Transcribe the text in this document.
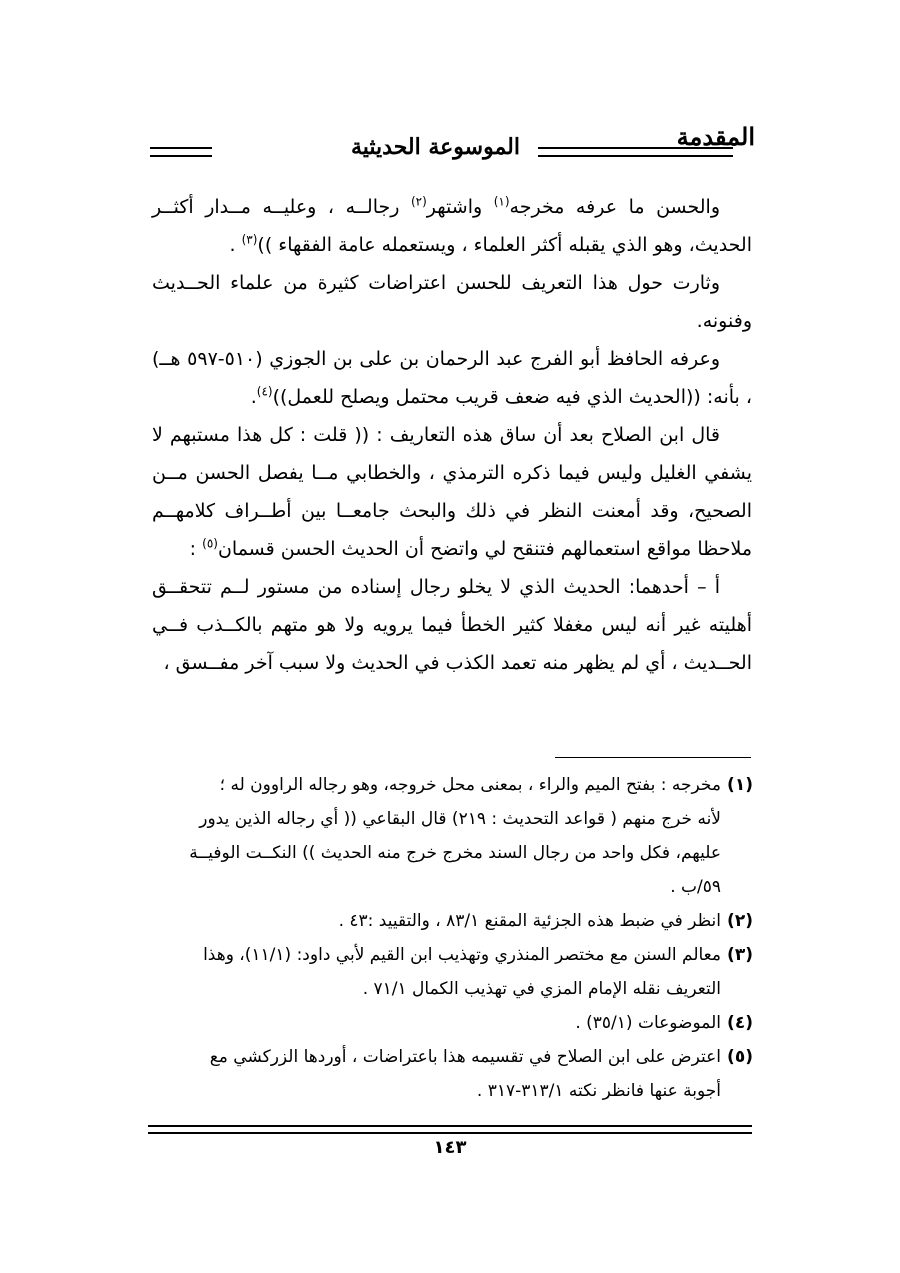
المقدمة
الموسوعة الحديثية

والحسن ما عرفه مخرجه$^{(١)}$ واشتهر$^{(٢)}$ رجالــه ، وعليــه مــدار أكثــر الحديث، وهو الذي يقبله أكثر العلماء ، ويستعمله عامة الفقهاء ))$^{(٣)}$ .

وثارت حول هذا التعريف للحسن اعتراضات كثيرة من علماء الحــديث وفنونه.

وعرفه الحافظ أبو الفرج عبد الرحمان بن على بن الجوزي (٥١٠-٥٩٧ هــ) ، بأنه: ((الحديث الذي فيه ضعف قريب محتمل ويصلح للعمل))$^{(٤)}$.

قال ابن الصلاح بعد أن ساق هذه التعاريف : (( قلت : كل هذا مستبهم لا يشفي الغليل وليس فيما ذكره الترمذي ، والخطابي مــا يفصل الحسن مــن الصحيح، وقد أمعنت النظر في ذلك والبحث جامعــا بين أطــراف كلامهــم ملاحظا مواقع استعمالهم فتنقح لي واتضح أن الحديث الحسن قسمان$^{(٥)}$ :

أ – أحدهما: الحديث الذي لا يخلو رجال إسناده من مستور لــم تتحقــق أهليته غير أنه ليس مغفلا كثير الخطأ فيما يرويه ولا هو متهم بالكــذب فــي الحــديث ، أي لم يظهر منه تعمد الكذب في الحديث ولا سبب آخر مفــسق ،

(١)
مخرجه : بفتح الميم والراء ، بمعنى محل خروجه، وهو رجاله الراوون له ؛
لأنه خرج منهم ( قواعد التحديث : ٢١٩) قال البقاعي (( أي رجاله الذين يدور
عليهم، فكل واحد من رجال السند مخرج خرج منه الحديث )) النكــت الوفيــة
٥٩/ب .
(٢)
انظر في ضبط هذه الجزئية المقنع ٨٣/١ ، والتقييد :٤٣ .
(٣)
معالم السنن مع مختصر المنذري وتهذيب ابن القيم لأبي داود: (١١/١)، وهذا
التعريف نقله الإمام المزي في تهذيب الكمال ٧١/١ .
(٤)
الموضوعات (٣٥/١) .
(٥)
اعترض على ابن الصلاح في تقسيمه هذا باعتراضات ، أوردها الزركشي مع
أجوبة عنها فانظر نكته ٣١٣/١-٣١٧ .
١٤٣
